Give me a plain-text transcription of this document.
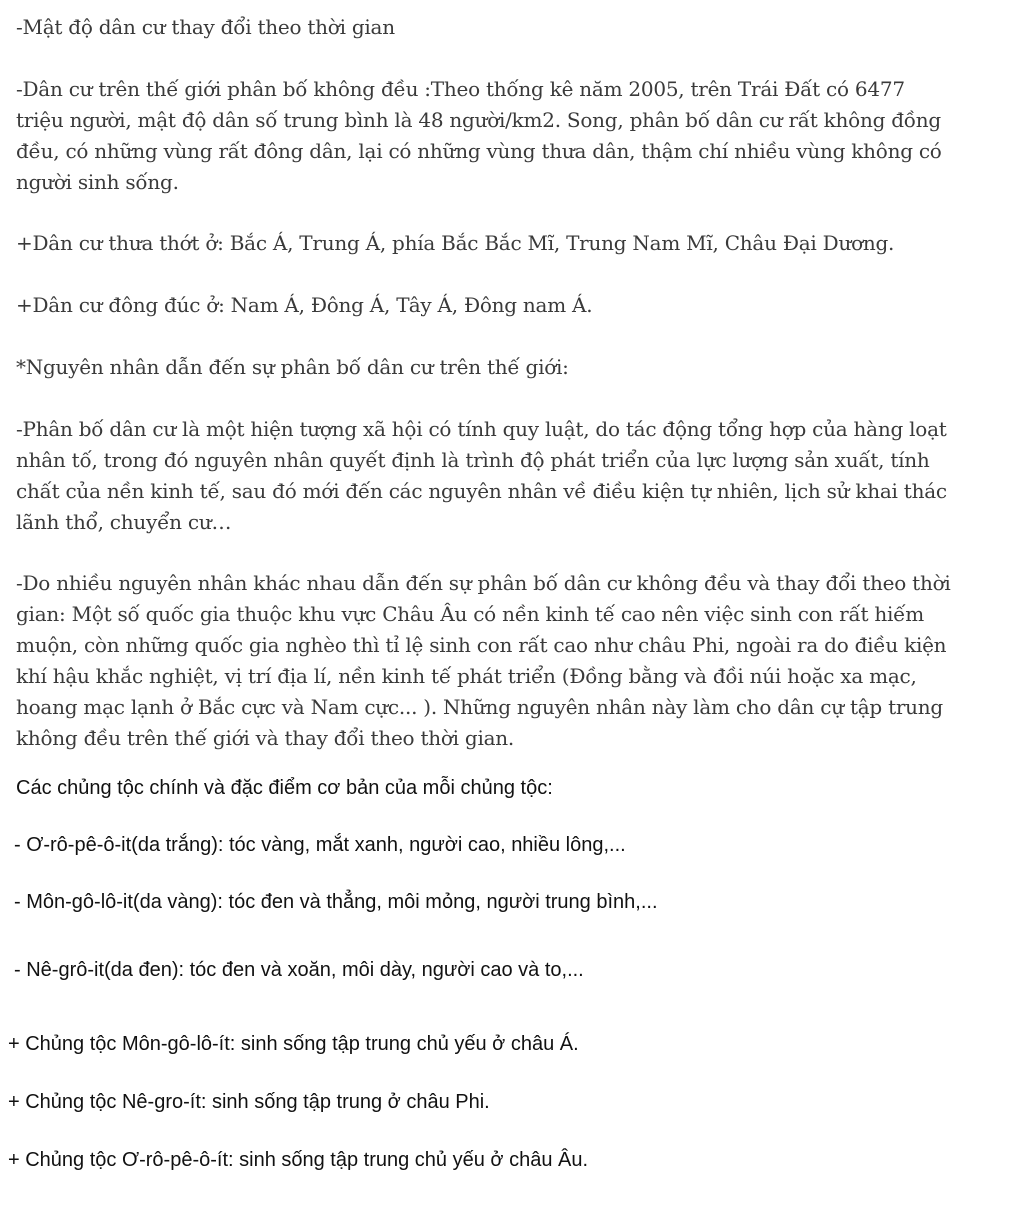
-Mật độ dân cư thay đổi theo thời gian

-Dân cư trên thế giới phân bố không đều :Theo thống kê năm 2005, trên Trái Đất có 6477 triệu người, mật độ dân số trung bình là 48 người/km2. Song, phân bố dân cư rất không đồng đều, có những vùng rất đông dân, lại có những vùng thưa dân, thậm chí nhiều vùng không có người sinh sống.

+Dân cư thưa thớt ở: Bắc Á, Trung Á, phía Bắc Bắc Mĩ, Trung Nam Mĩ, Châu Đại Dương.

+Dân cư đông đúc ở: Nam Á, Đông Á, Tây Á, Đông nam Á.

*Nguyên nhân dẫn đến sự phân bố dân cư trên thế giới:

-Phân bố dân cư là một hiện tượng xã hội có tính quy luật, do tác động tổng hợp của hàng loạt nhân tố, trong đó nguyên nhân quyết định là trình độ phát triển của lực lượng sản xuất, tính chất của nền kinh tế, sau đó mới đến các nguyên nhân về điều kiện tự nhiên, lịch sử khai thác lãnh thổ, chuyển cư…

-Do nhiều nguyên nhân khác nhau dẫn đến sự phân bố dân cư không đều và thay đổi theo thời gian: Một số quốc gia thuộc khu vực Châu Âu có nền kinh tế cao nên việc sinh con rất hiếm muộn, còn những quốc gia nghèo thì tỉ lệ sinh con rất cao như châu Phi, ngoài ra do điều kiện khí hậu khắc nghiệt, vị trí địa lí, nền kinh tế phát triển (Đồng bằng và đồi núi hoặc xa mạc, hoang mạc lạnh ở Bắc cực và Nam cực... ). Những nguyên nhân này làm cho dân cự tập trung không đều trên thế giới và thay đổi theo thời gian.

Các chủng tộc chính và đặc điểm cơ bản của mỗi chủng tộc:

- Ơ-rô-pê-ô-it(da trắng): tóc vàng, mắt xanh, người cao, nhiều lông,...

- Môn-gô-lô-it(da vàng): tóc đen và thẳng, môi mỏng, người trung bình,...

- Nê-grô-it(da đen): tóc đen và xoăn, môi dày, người cao và to,...

+ Chủng tộc Môn-gô-lô-ít: sinh sống tập trung chủ yếu ở châu Á.

+ Chủng tộc Nê-gro-ít: sinh sống tập trung ở châu Phi.

+ Chủng tộc Ơ-rô-pê-ô-ít: sinh sống tập trung chủ yếu ở châu Âu.
